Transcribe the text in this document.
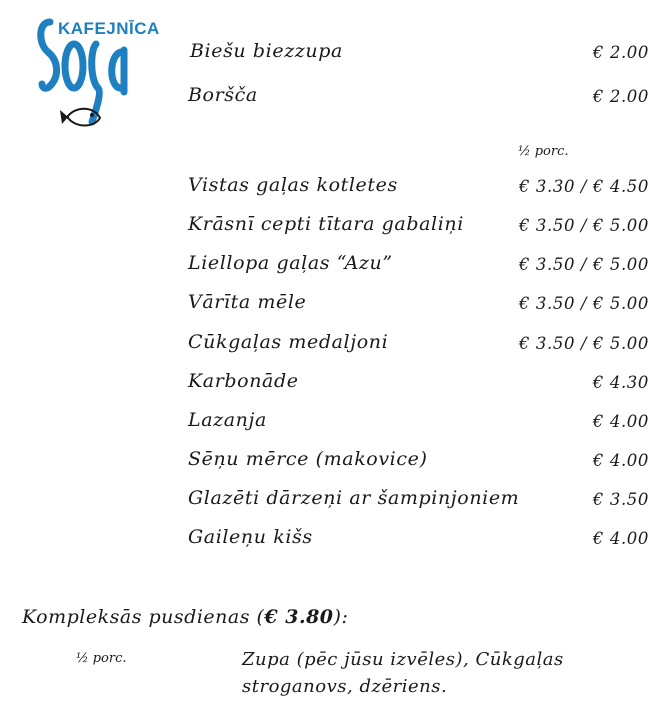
KAFEJNĪCA
Biešu biezzupa	€ 2.00
Boršča	€ 2.00
½ porc.
Vistas gaļas kotletes	€ 3.30 / € 4.50
Krāsnī cepti tītara gabaliņi	€ 3.50 / € 5.00
Liellopa gaļas “Azu”	€ 3.50 / € 5.00
Vārīta mēle	€ 3.50 / € 5.00
Cūkgaļas medaljoni	€ 3.50 / € 5.00
Karbonāde	€ 4.30
Lazanja	€ 4.00
Sēņu mērce (makovice)	€ 4.00
Glazēti dārzeņi ar šampinjoniem	€ 3.50
Gaileņu kišs	€ 4.00
Kompleksās pusdienas (€ 3.80):
½ porc.	Zupa (pēc jūsu izvēles), Cūkgaļas stroganovs, dzēriens.
